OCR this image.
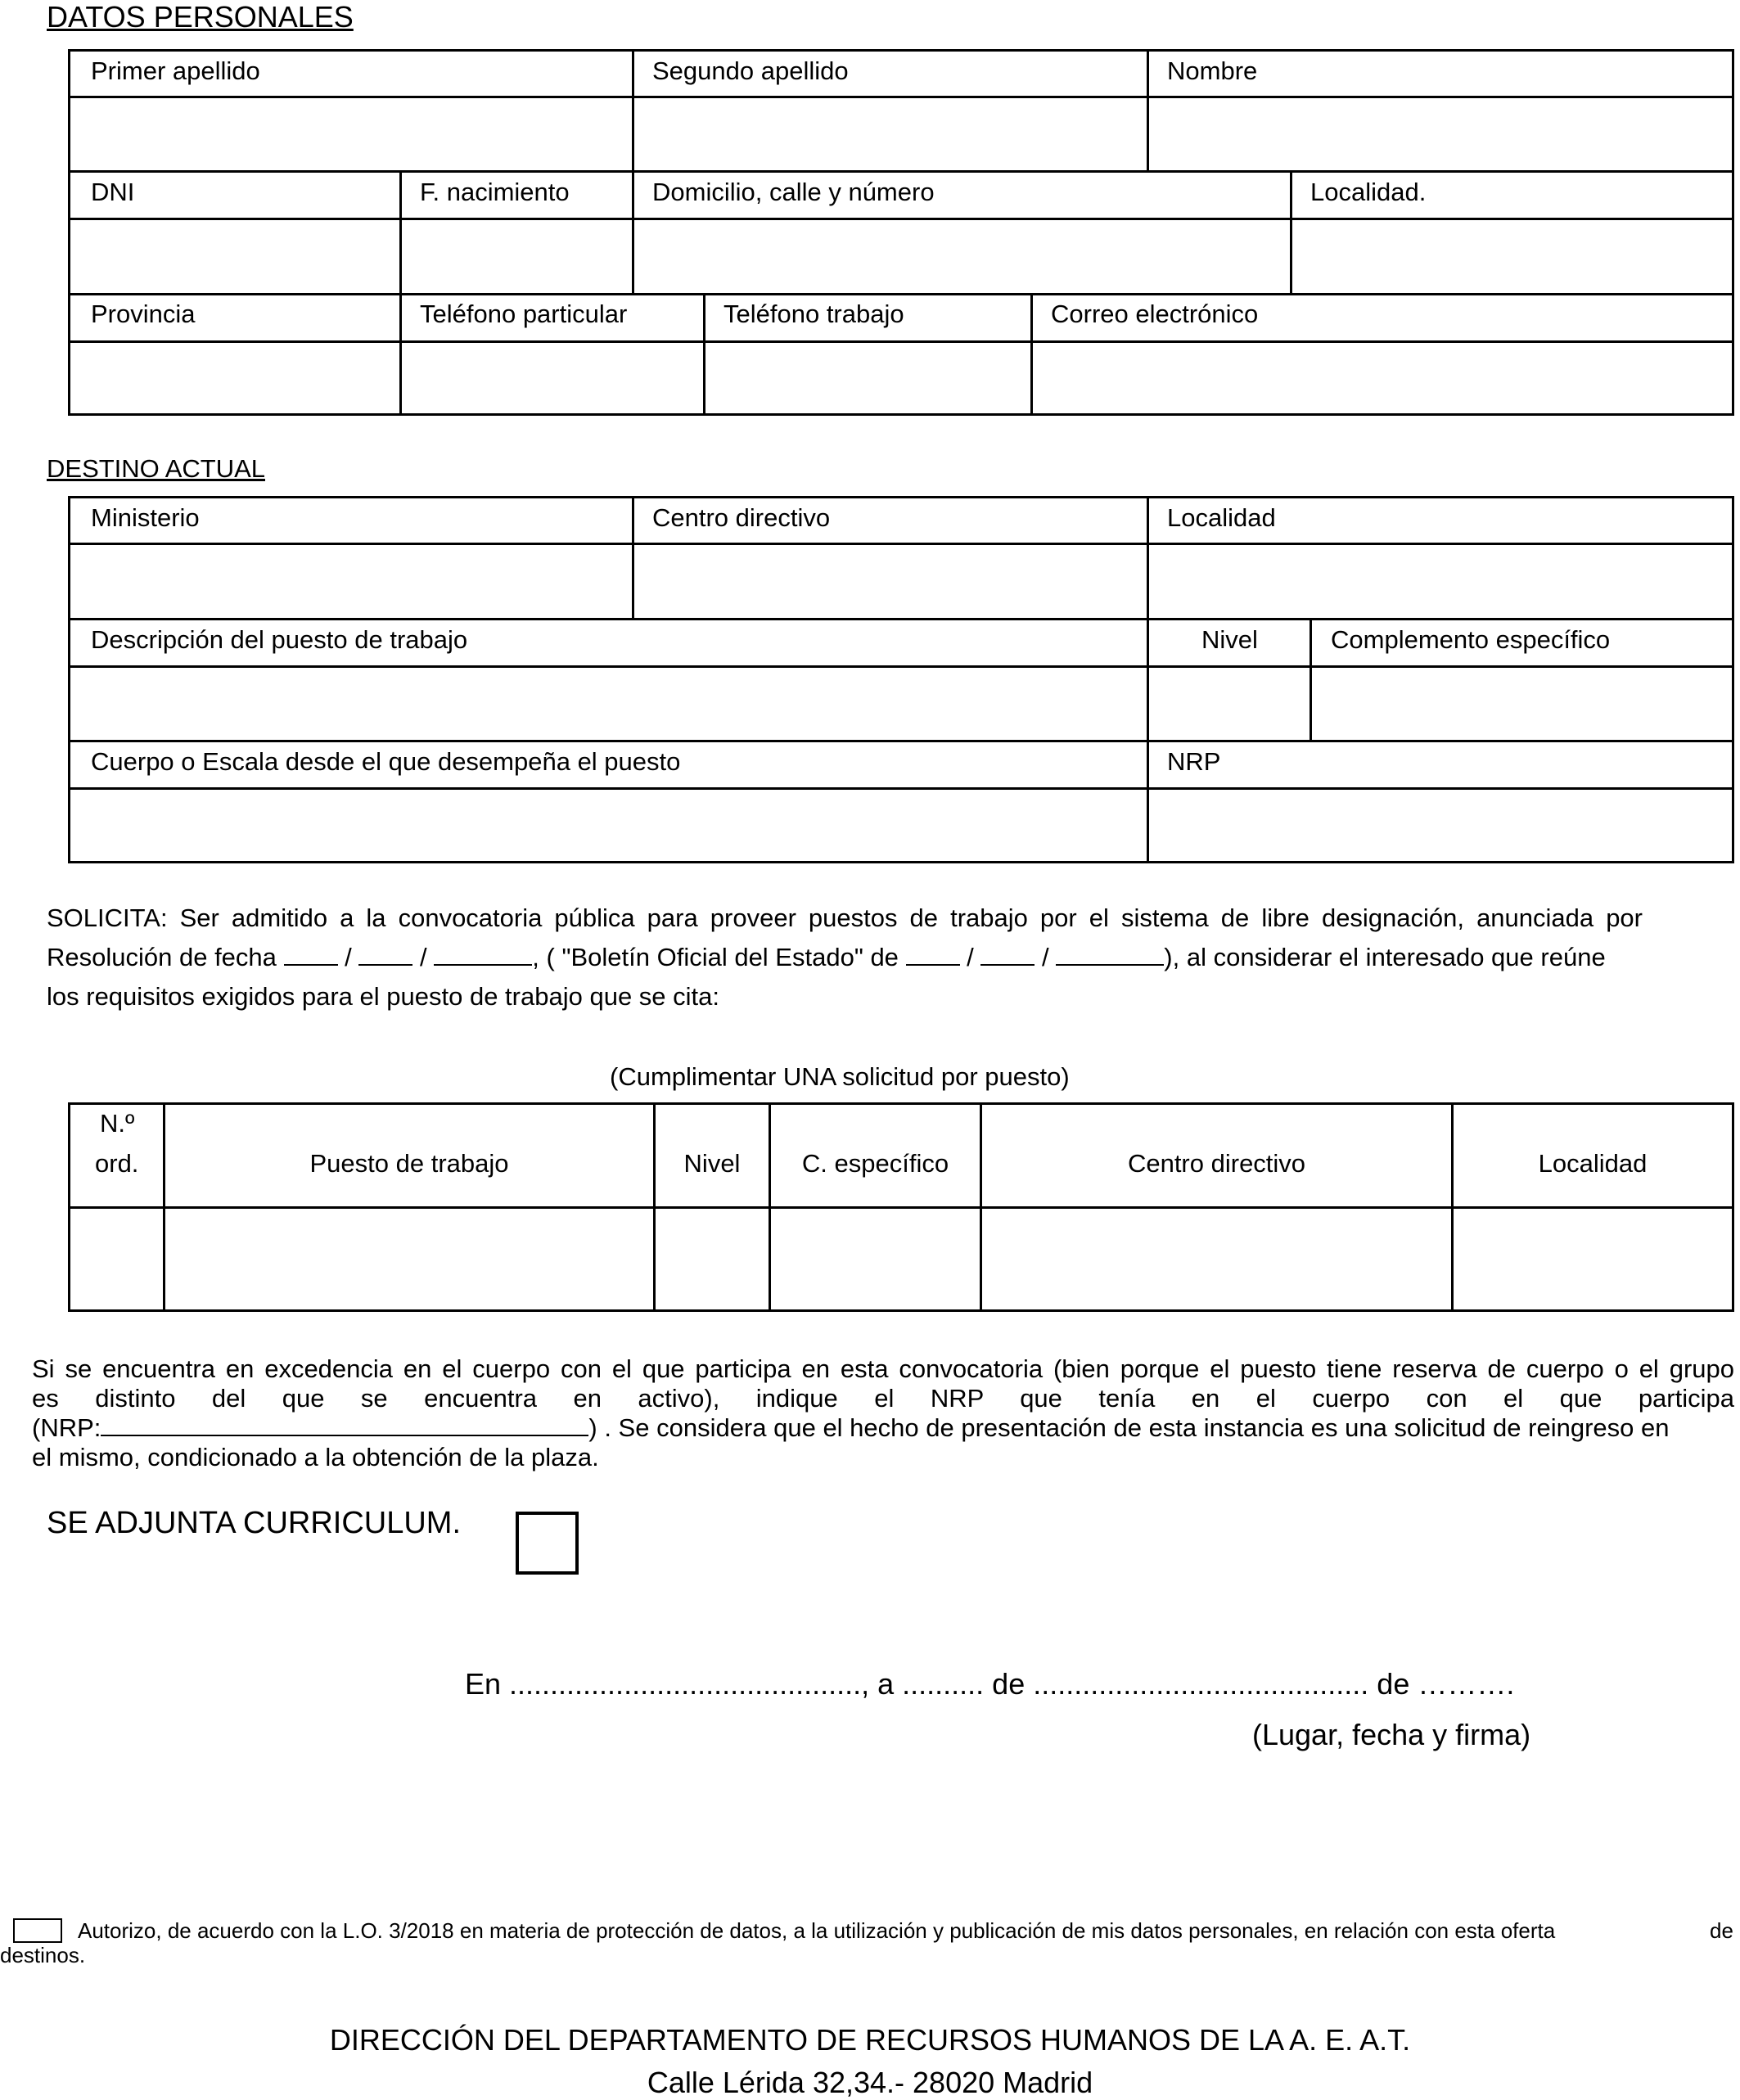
DATOS PERSONALES
Primer apellido	Segundo apellido	Nombre
DNI	F. nacimiento	Domicilio, calle y número	Localidad.
Provincia	Teléfono particular	Teléfono trabajo	Correo electrónico
DESTINO ACTUAL
Ministerio	Centro directivo	Localidad
Descripción del puesto de trabajo	Nivel	Complemento específico
Cuerpo o Escala desde el que desempeña el puesto	NRP
SOLICITA: Ser admitido a la convocatoria pública para proveer puestos de trabajo por el sistema de libre designación, anunciada por
Resolución de fecha	/	/	, ( "Boletín Oficial del Estado" de	/	/	), al considerar el interesado que reúne
los requisitos exigidos para el puesto de trabajo que se cita:
(Cumplimentar UNA solicitud por puesto)
N.º
ord.	Puesto de trabajo	Nivel	C. específico	Centro directivo	Localidad
Si se encuentra en excedencia en el cuerpo con el que participa en esta convocatoria (bien porque el puesto tiene reserva de cuerpo o el grupo
es distinto del que se encuentra en activo), indique el NRP que tenía en el cuerpo con el que participa
(NRP:	) . Se considera que el hecho de presentación de esta instancia es una solicitud de reingreso en
el mismo, condicionado a la obtención de la plaza.
SE ADJUNTA CURRICULUM.
En ..........................................., a .......... de ......................................... de ……….
(Lugar, fecha y firma)
Autorizo, de acuerdo con la L.O. 3/2018 en materia de protección de datos, a la utilización y publicación de mis datos personales, en relación con esta oferta	de
destinos.
DIRECCIÓN DEL DEPARTAMENTO DE RECURSOS HUMANOS DE LA A. E. A.T.
Calle Lérida 32,34.- 28020 Madrid
